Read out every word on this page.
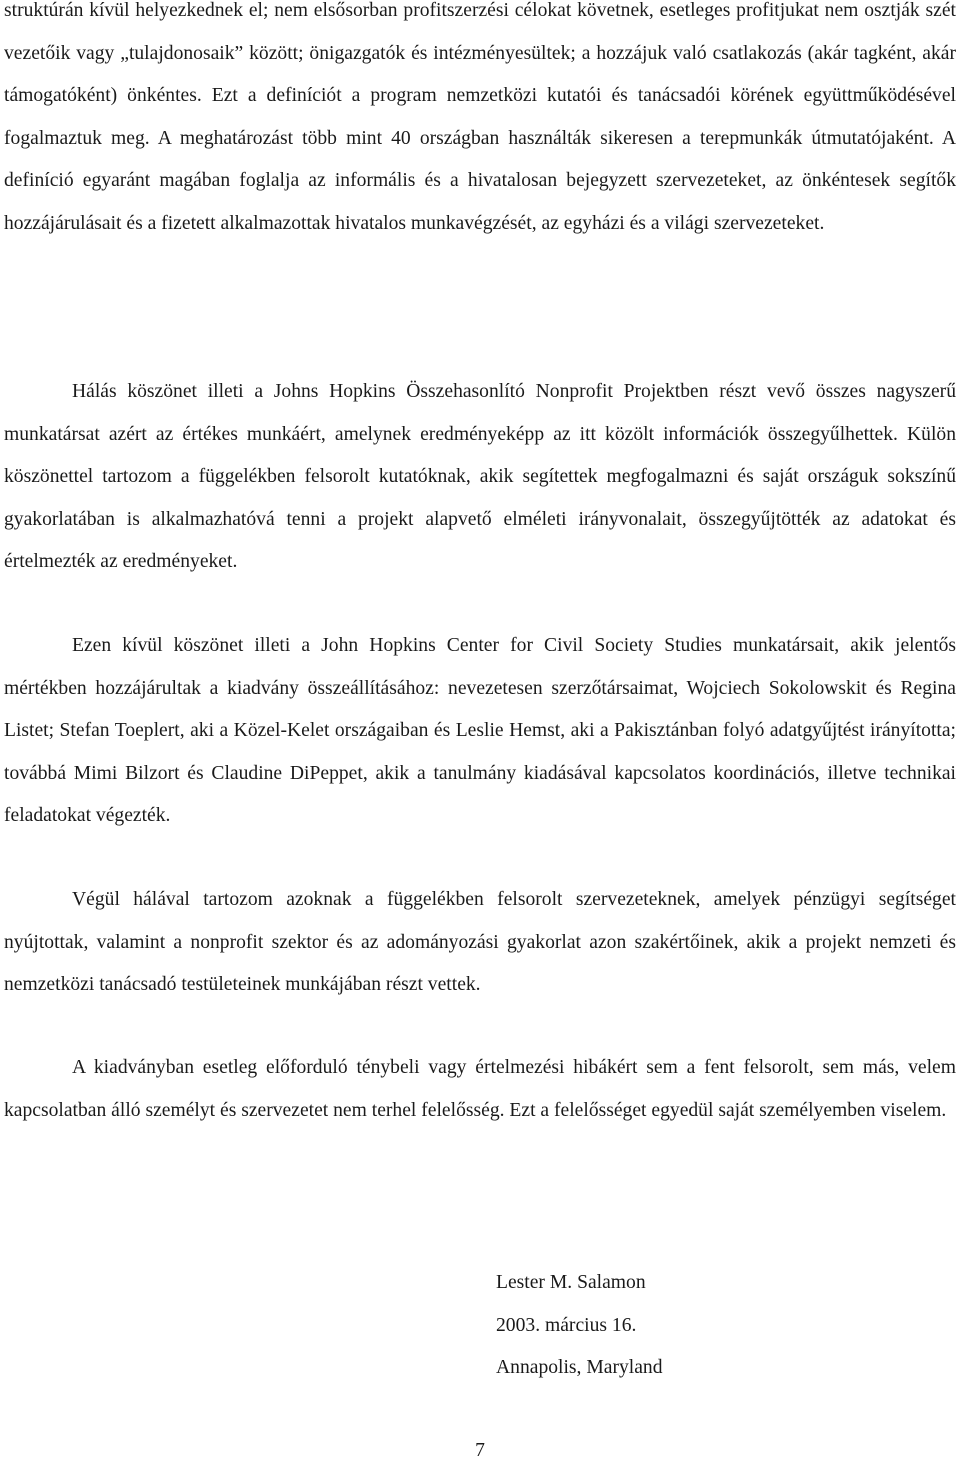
struktúrán kívül helyezkednek el; nem elsősorban profitszerzési célokat követnek, esetleges profitjukat nem osztják szét vezetőik vagy „tulajdonosaik” között; önigazgatók és intézményesültek; a hozzájuk való csatlakozás (akár tagként, akár támogatóként) önkéntes. Ezt a definíciót a program nemzetközi kutatói és tanácsadói körének együttműködésével fogalmaztuk meg. A meghatározást több mint 40 országban használták sikeresen a terepmunkák útmutatójaként. A definíció egyaránt magában foglalja az informális és a hivatalosan bejegyzett szervezeteket, az önkéntesek segítők hozzájárulásait és a fizetett alkalmazottak hivatalos munkavégzését, az egyházi és a világi szervezeteket.

Hálás köszönet illeti a Johns Hopkins Összehasonlító Nonprofit Projektben részt vevő összes nagyszerű munkatársat azért az értékes munkáért, amelynek eredményeképp az itt közölt információk összegyűlhettek. Külön köszönettel tartozom a függelékben felsorolt kutatóknak, akik segítettek megfogalmazni és saját országuk sokszínű gyakorlatában is alkalmazhatóvá tenni a projekt alapvető elméleti irányvonalait, összegyűjtötték az adatokat és értelmezték az eredményeket.

Ezen kívül köszönet illeti a John Hopkins Center for Civil Society Studies munkatársait, akik jelentős mértékben hozzájárultak a kiadvány összeállításához: nevezetesen szerzőtársaimat, Wojciech Sokolowskit és Regina Listet; Stefan Toeplert, aki a Közel-Kelet országaiban és Leslie Hemst, aki a Pakisztánban folyó adatgyűjtést irányította; továbbá Mimi Bilzort és Claudine DiPeppet, akik a tanulmány kiadásával kapcsolatos koordinációs, illetve technikai feladatokat végezték.

Végül hálával tartozom azoknak a függelékben felsorolt szervezeteknek, amelyek pénzügyi segítséget nyújtottak, valamint a nonprofit szektor és az adományozási gyakorlat azon szakértőinek, akik a projekt nemzeti és nemzetközi tanácsadó testületeinek munkájában részt vettek.

A kiadványban esetleg előforduló ténybeli vagy értelmezési hibákért sem a fent felsorolt, sem más, velem kapcsolatban álló személyt és szervezetet nem terhel felelősség. Ezt a felelősséget egyedül saját személyemben viselem.

Lester M. Salamon
2003. március 16.
Annapolis, Maryland
7
